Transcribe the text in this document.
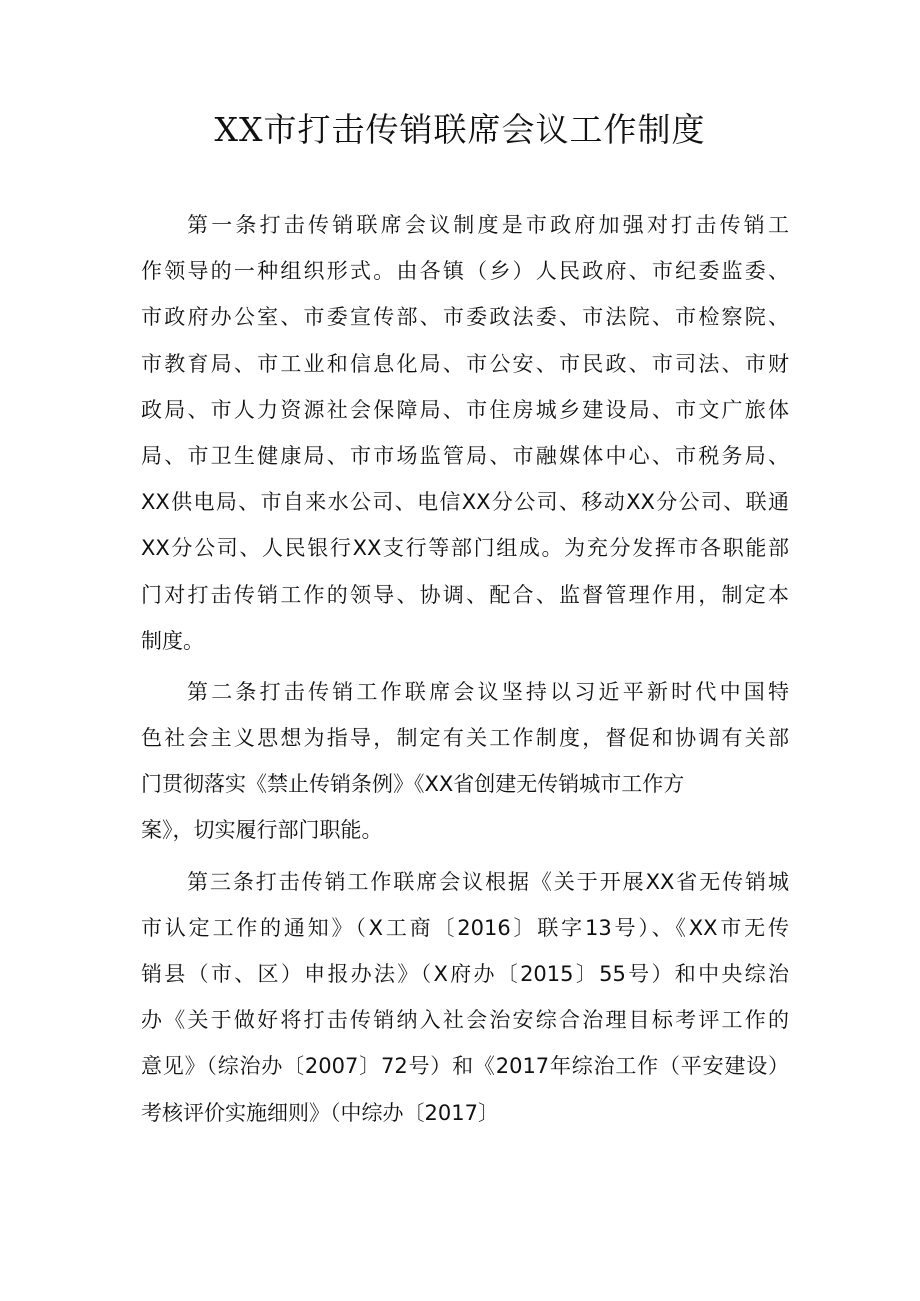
XX市打击传销联席会议工作制度
第一条打击传销联席会议制度是市政府加强对打击传销工
作领导的一种组织形式。由各镇（乡）人民政府、市纪委监委、
市政府办公室、市委宣传部、市委政法委、市法院、市检察院、
市教育局、市工业和信息化局、市公安、市民政、市司法、市财
政局、市人力资源社会保障局、市住房城乡建设局、市文广旅体
局、市卫生健康局、市市场监管局、市融媒体中心、市税务局、
XX供电局、市自来水公司、电信XX分公司、移动XX分公司、联通
XX分公司、人民银行XX支行等部门组成。为充分发挥市各职能部
门对打击传销工作的领导、协调、配合、监督管理作用，制定本
制度。
第二条打击传销工作联席会议坚持以习近平新时代中国特
色社会主义思想为指导，制定有关工作制度，督促和协调有关部
门贯彻落实《禁止传销条例》《XX省创建无传销城市工作方
案》，切实履行部门职能。
第三条打击传销工作联席会议根据《关于开展XX省无传销城
市认定工作的通知》（X工商〔2016〕联字13号）、《XX市无传
销县（市、区）申报办法》（X府办〔2015〕55号）和中央综治
办《关于做好将打击传销纳入社会治安综合治理目标考评工作的
意见》（综治办〔2007〕72号）和《2017年综治工作（平安建设）
考核评价实施细则》（中综办〔2017〕
